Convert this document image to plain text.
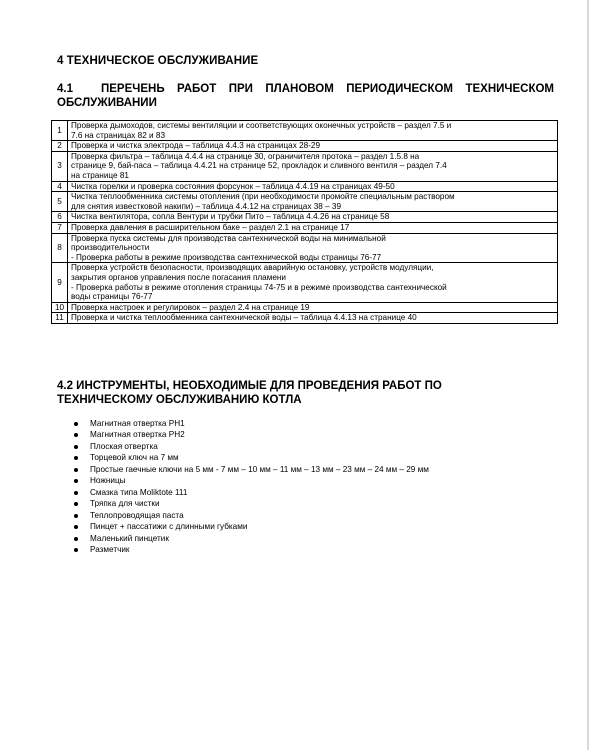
4 ТЕХНИЧЕСКОЕ ОБСЛУЖИВАНИЕ
4.1 ПЕРЕЧЕНЬ РАБОТ ПРИ ПЛАНОВОМ ПЕРИОДИЧЕСКОМ ТЕХНИЧЕСКОМ
ОБСЛУЖИВАНИИ
1	Проверка дымоходов, системы вентиляции и соответствующих оконечных устройств – раздел 7.5 и
7.6 на страницах 82 и 83

2	Проверка и чистка электрода – таблица 4.4.3 на страницах 28-29

3	Проверка фильтра – таблица 4.4.4 на странице 30, ограничителя протока – раздел 1.5.8 на
странице 9, бай-паса – таблица 4.4.21 на странице 52, прокладок и сливного вентиля – раздел 7.4
на странице 81

4	Чистка горелки и проверка состояния форсунок – таблица 4.4.19 на страницах 49-50

5	Чистка теплообменника системы отопления (при необходимости промойте специальным раствором
для снятия известковой накипи) – таблица 4.4.12 на страницах 38 – 39

6	Чистка вентилятора, сопла Вентури и трубки Пито – таблица 4.4.26 на странице 58

7	Проверка давления в расширительном баке – раздел 2.1 на странице 17

8	Проверка пуска системы для производства сантехнической воды на минимальной
производительности
- Проверка работы в режиме производства сантехнической воды страницы 76-77

9	Проверка устройств безопасности, производящих аварийную остановку, устройств модуляции,
закрытия органов управления после погасания пламени
- Проверка работы в режиме отопления страницы 74-75 и в режиме производства сантехнической
воды страницы 76-77

10	Проверка настроек и регулировок – раздел 2.4 на странице 19

11	Проверка и чистка теплообменника сантехнической воды – таблица 4.4.13 на странице 40
4.2 ИНСТРУМЕНТЫ, НЕОБХОДИМЫЕ ДЛЯ ПРОВЕДЕНИЯ РАБОТ ПО
ТЕХНИЧЕСКОМУ ОБСЛУЖИВАНИЮ КОТЛА
Магнитная отвертка PH1
Магнитная отвертка PH2
Плоская отвертка
Торцевой ключ на 7 мм
Простые гаечные ключи на 5 мм - 7 мм – 10 мм – 11 мм – 13 мм – 23 мм – 24 мм – 29 мм
Ножницы
Смазка типа Moliktote 111
Тряпка для чистки
Теплопроводящая паста
Пинцет + пассатижи с длинными губками
Маленький пинцетик
Разметчик
